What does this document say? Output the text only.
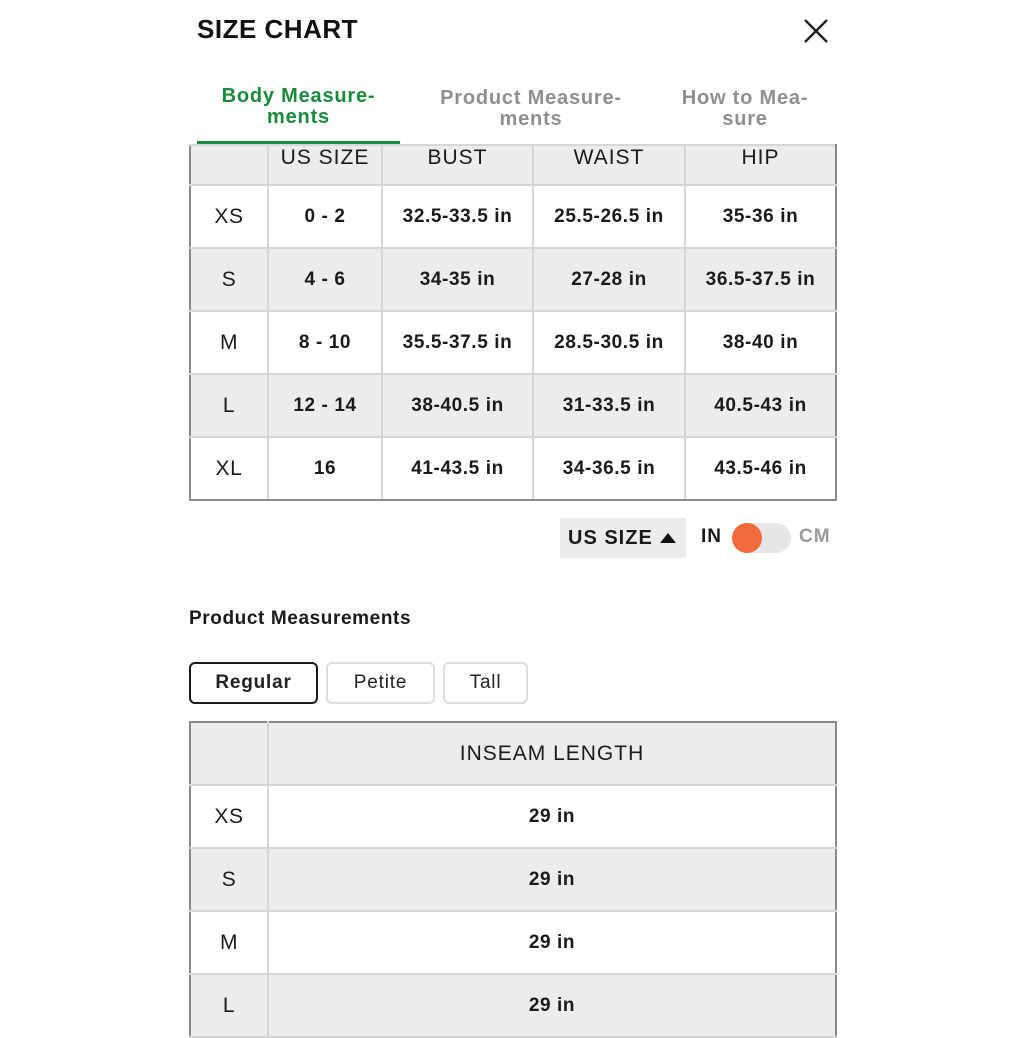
SIZE CHART
Body Measure-
ments
Product Measure-
ments
How to Mea-
sure
	US SIZE	BUST	WAIST	HIP
XS	0 - 2	32.5-33.5 in	25.5-26.5 in	35-36 in
S	4 - 6	34-35 in	27-28 in	36.5-37.5 in
M	8 - 10	35.5-37.5 in	28.5-30.5 in	38-40 in
L	12 - 14	38-40.5 in	31-33.5 in	40.5-43 in
XL	16	41-43.5 in	34-36.5 in	43.5-46 in
US SIZE	IN	CM
Product Measurements
Regular	Petite	Tall
	INSEAM LENGTH
XS	29 in
S	29 in
M	29 in
L	29 in
